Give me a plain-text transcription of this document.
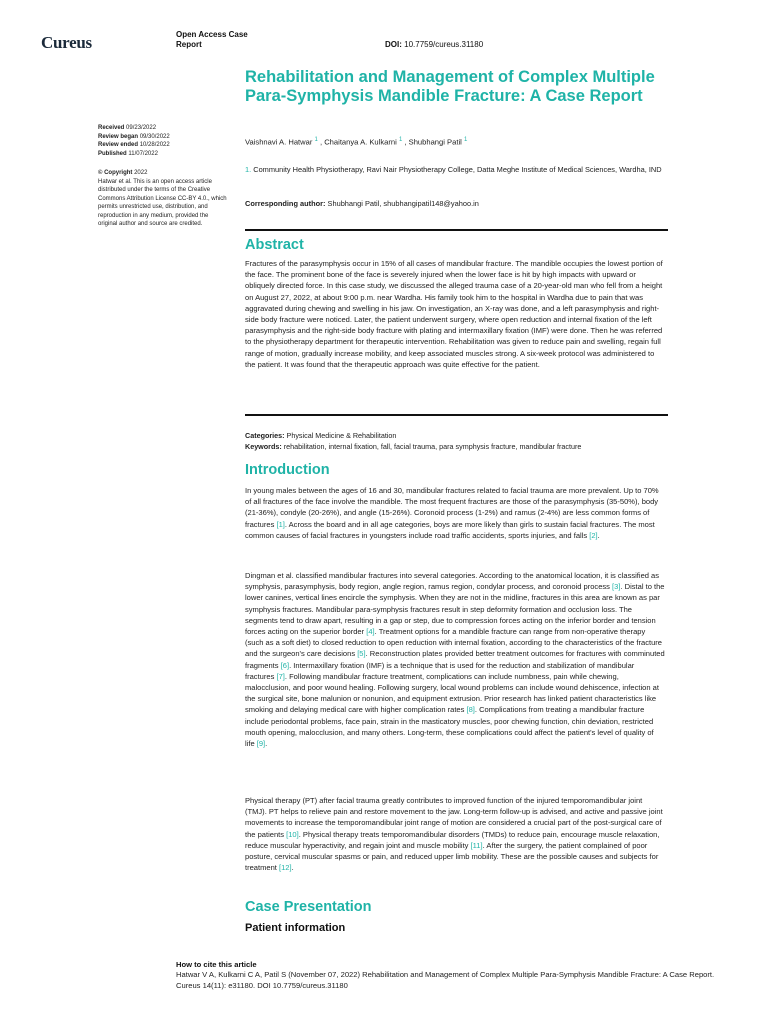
Cureus	Open Access Case Report	DOI: 10.7759/cureus.31180
Rehabilitation and Management of Complex Multiple Para-Symphysis Mandible Fracture: A Case Report
Vaishnavi A. Hatwar $^1$ , Chaitanya A. Kulkarni $^1$ , Shubhangi Patil $^1$
1. Community Health Physiotherapy, Ravi Nair Physiotherapy College, Datta Meghe Institute of Medical Sciences, Wardha, IND
Corresponding author: Shubhangi Patil, shubhangipatil148@yahoo.in
Received 09/23/2022
Review began 09/30/2022
Review ended 10/28/2022
Published 11/07/2022
© Copyright 2022
Hatwar et al. This is an open access article distributed under the terms of the Creative Commons Attribution License CC-BY 4.0., which permits unrestricted use, distribution, and reproduction in any medium, provided the original author and source are credited.
Abstract
Fractures of the parasymphysis occur in 15% of all cases of mandibular fracture. The mandible occupies the lowest portion of the face. The prominent bone of the face is severely injured when the lower face is hit by high impacts with upward or obliquely directed force. In this case study, we discussed the alleged trauma case of a 20-year-old man who fell from a height on August 27, 2022, at about 9:00 p.m. near Wardha. His family took him to the hospital in Wardha due to pain that was aggravated during chewing and swelling in his jaw. On investigation, an X-ray was done, and a left parasymphysis and right-side body fracture were noticed. Later, the patient underwent surgery, where open reduction and internal fixation of the left parasymphysis and the right-side body fracture with plating and intermaxillary fixation (IMF) were done. Then he was referred to the physiotherapy department for therapeutic intervention. Rehabilitation was given to reduce pain and swelling, regain full range of motion, gradually increase mobility, and keep associated muscles strong. A six-week protocol was administered to the patient. It was found that the therapeutic approach was quite effective for the patient.
Categories: Physical Medicine & Rehabilitation
Keywords: rehabilitation, internal fixation, fall, facial trauma, para symphysis fracture, mandibular fracture
Introduction
In young males between the ages of 16 and 30, mandibular fractures related to facial trauma are more prevalent. Up to 70% of all fractures of the face involve the mandible. The most frequent fractures are those of the parasymphysis (35-50%), body (21-36%), condyle (20-26%), and angle (15-26%). Coronoid process (1-2%) and ramus (2-4%) are less common forms of fractures [1]. Across the board and in all age categories, boys are more likely than girls to sustain facial fractures. The most common causes of facial fractures in youngsters include road traffic accidents, sports injuries, and falls [2].
Dingman et al. classified mandibular fractures into several categories. According to the anatomical location, it is classified as symphysis, parasymphysis, body region, angle region, ramus region, condylar process, and coronoid process [3]. Distal to the lower canines, vertical lines encircle the symphysis. When they are not in the midline, fractures in this area are known as par symphysis fractures. Mandibular para-symphysis fractures result in step deformity formation and occlusion loss. The segments tend to draw apart, resulting in a gap or step, due to compression forces acting on the inferior border and tension forces acting on the superior border [4]. Treatment options for a mandible fracture can range from non-operative therapy (such as a soft diet) to closed reduction to open reduction with internal fixation, according to the characteristics of the fracture and the surgeon's care decisions [5]. Reconstruction plates provided better treatment outcomes for fractures with comminuted fragments [6]. Intermaxillary fixation (IMF) is a technique that is used for the reduction and stabilization of mandibular fractures [7]. Following mandibular fracture treatment, complications can include numbness, pain while chewing, malocclusion, and poor wound healing. Following surgery, local wound problems can include wound dehiscence, infection at the surgical site, bone malunion or nonunion, and equipment extrusion. Prior research has linked patient characteristics like smoking and delaying medical care with higher complication rates [8]. Complications from treating a mandibular fracture include periodontal problems, face pain, strain in the masticatory muscles, poor chewing function, chin deviation, restricted mouth opening, malocclusion, and many others. Long-term, these complications could affect the patient's level of quality of life [9].
Physical therapy (PT) after facial trauma greatly contributes to improved function of the injured temporomandibular joint (TMJ). PT helps to relieve pain and restore movement to the jaw. Long-term follow-up is advised, and active and passive joint movements to increase the temporomandibular joint range of motion are considered a crucial part of the post-surgical care of the patients [10]. Physical therapy treats temporomandibular disorders (TMDs) to reduce pain, encourage muscle relaxation, reduce muscular hyperactivity, and regain joint and muscle mobility [11]. After the surgery, the patient complained of poor posture, cervical muscular spasms or pain, and reduced upper limb mobility. These are the possible causes and subjects for treatment [12].
Case Presentation
Patient information
How to cite this article
Hatwar V A, Kulkarni C A, Patil S (November 07, 2022) Rehabilitation and Management of Complex Multiple Para-Symphysis Mandible Fracture: A Case Report. Cureus 14(11): e31180. DOI 10.7759/cureus.31180
